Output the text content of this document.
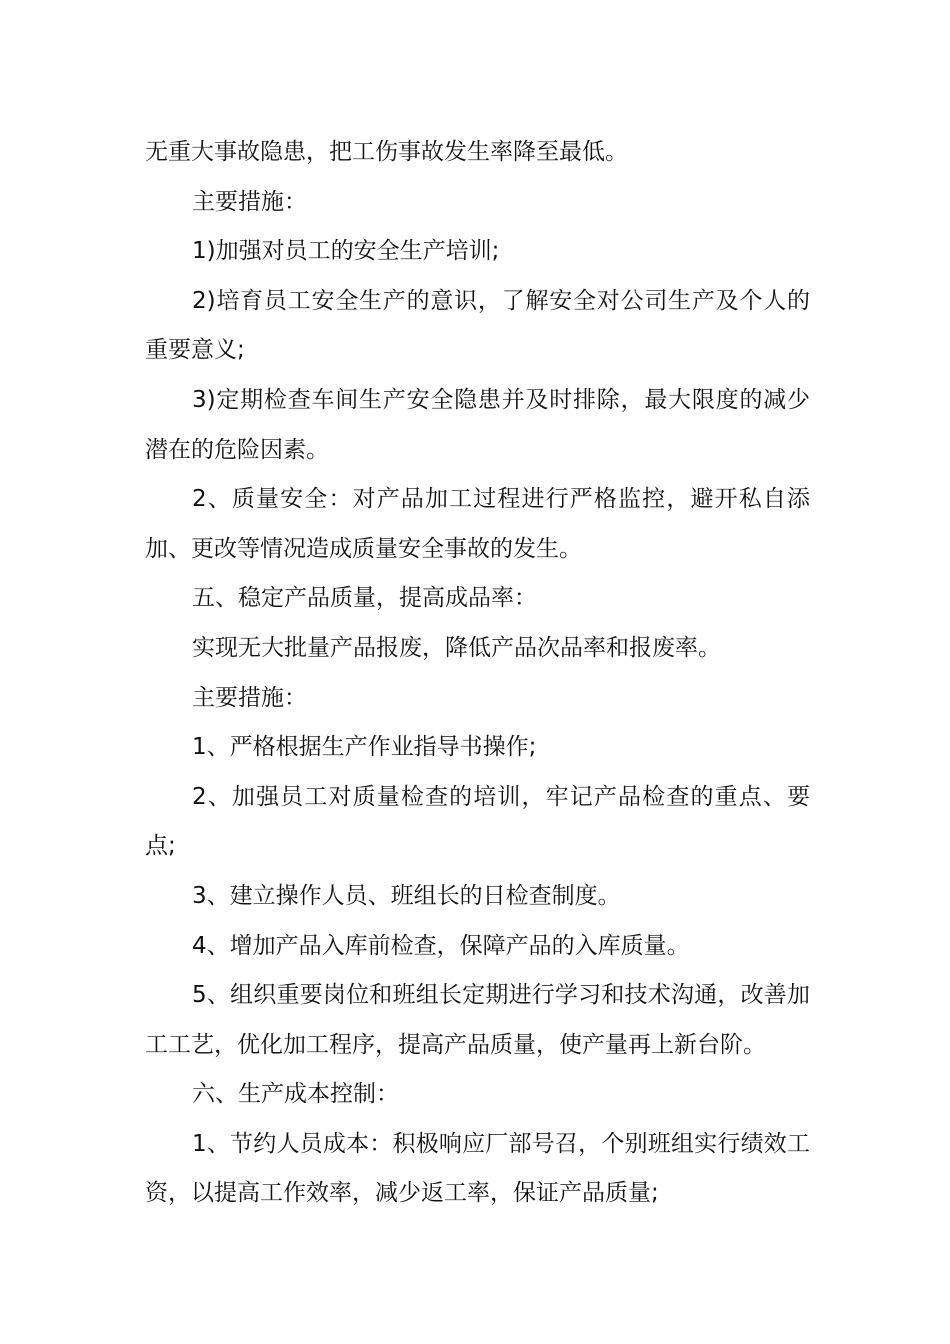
无重大事故隐患，把工伤事故发生率降至最低。

主要措施：

1)加强对员工的安全生产培训;

2)培育员工安全生产的意识，了解安全对公司生产及个人的重要意义;

3)定期检查车间生产安全隐患并及时排除，最大限度的减少潜在的危险因素。

2、质量安全：对产品加工过程进行严格监控，避开私自添加、更改等情况造成质量安全事故的发生。

五、稳定产品质量，提高成品率：

实现无大批量产品报废，降低产品次品率和报废率。

主要措施：

1、严格根据生产作业指导书操作;

2、加强员工对质量检查的培训，牢记产品检查的重点、要点;

3、建立操作人员、班组长的日检查制度。

4、增加产品入库前检查，保障产品的入库质量。

5、组织重要岗位和班组长定期进行学习和技术沟通，改善加工工艺，优化加工程序，提高产品质量，使产量再上新台阶。

六、生产成本控制：

1、节约人员成本：积极响应厂部号召，个别班组实行绩效工资，以提高工作效率，减少返工率，保证产品质量;
